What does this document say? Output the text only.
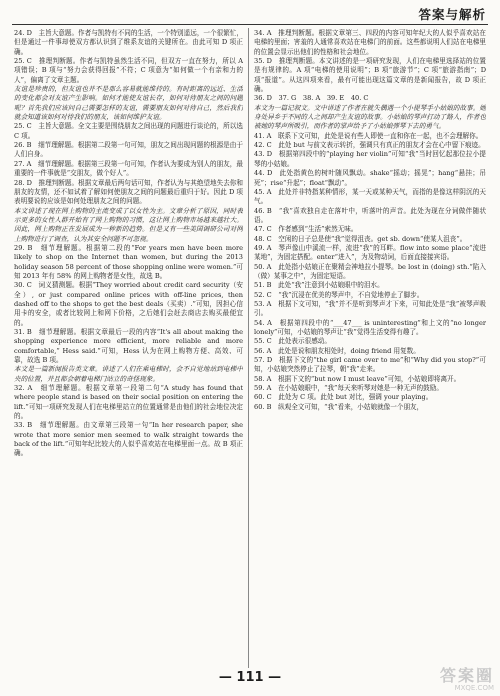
答案与解析

24. D　主旨大意题。作者与凯特有不同的生活，一个特别遥远，一个很繁忙，但是通过一件事却使双方都认识到了维系友谊的关键所在。由此可知 D 项正确。

25. C　推理判断题。作者与凯特虽然生活不同，但双方一直在努力，所以 A 项错误；B 项与“努力会获得回报”不符；C 项意为“如何做一个有亲和力的人”，偏离了文章主题。

友谊是珍贵的，但友谊也并不是那么容易就能维持的。有时距离的远近、生活的变化都会对友谊产生影响。如何才能使友谊长存，如何对待朋友之间的问题呢？首先我们应该问自己需要怎样的友谊，需要朋友如何对待自己，然后我们就会知道该如何对待我们的朋友，该如何维护友谊。

25. C　主旨大意题。全文主要是围绕朋友之间出现的问题进行谈论的，所以选 C 项。

26. B　细节理解题。根据第二段第一句可知，朋友之间出现问题的根源是由于人们自身。

27. A　细节理解题。根据第三段第一句可知，作者认为要成为别人的朋友，最重要的一件事就是“交朋友，做个好人”。

28. D　推理判断题。根据文章最后两句话可知，作者认为与其绝望地失去你和朋友的友情，还不如试着了解如何使朋友之间的问题最后重归于好。因此 D 项表明要说的应该是如何处理朋友之间的问题。

本文讲述了现在网上购物的主流变成了以女性为主。文章分析了原因，同时表示更多的女性人群开始有了网上购物的习惯，这让网上购物市场越来越壮大。因此，网上购物正在发展成为一种新的趋势。但是又有一些美国调研公司对网上购物进行了调查，认为其安全问题不可忽视。

29. B　细节理解题。根据第二段的“For years men have been more likely to shop on the Internet than women, but during the 2013 holiday season 58 percent of those shopping online were women.”可知 2013 年有 58% 的网上购物者是女性，故选 B。

30. C　词义猜测题。根据“They worried about credit card security（安全）, or just compared online prices with off-line prices, then dashed off to the shops to get the best deals（买卖）.”可知，因担心信用卡的安全，或者比较网上和网下价格，之后她们会赶去商店去购买最便宜的。

31. B　细节理解题。根据文章最后一段的内容“It's all about making the shopping experience more efficient, more reliable and more comfortable,” Hess said.”可知，Hess 认为在网上购物方便、高效、可靠，故选 B 项。

本文是一篇新闻报告类文章。讲述了人们在乘电梯时，会不自觉地站到电梯中央的位置，并且都会朝着电梯门站立的奇怪现象。

32. A　细节理解题。根据文章第一段第二句“A study has found that where people stand is based on their social position on entering the lift.”可知一项研究发现人们在电梯里站立的位置通常是由他们的社会地位决定的。

33. B　细节理解题。由文章第三段第一句“In her research paper, she wrote that more senior men seemed to walk straight towards the back of the lift.”可知年纪比较大的人似乎喜欢站在电梯里面一点。故 B 项正确。

34. A　推理判断题。根据文章第三、四段的内容可知年纪大的人似乎喜欢站在电梯的里面；害羞的人通常喜欢站在电梯门的前面。这些都说明人们站在电梯里的位置会显示出他们的性格和社会地位。

35. D　推理判断题。本文讲述的是一项研究发现，人们在电梯里选择站的位置是有规律的。A 项“电梯的使用说明”；B 项“旅游节”；C 项“旅游指南”；D 项“报道”。从这四项来看，最有可能出现这篇文章的是新闻报告，故 D 项正确。

36. D　37. G　38. A　39. E　40. C

本文为一篇记叙文。文中讲述了作者在就失偶遇一个小提琴手小姑娘的故事。她身处异乡于不同的人之间却产生友谊的故事。小姑娘的琴声打动了路人，作者也被她的琴声所吸引，而作者的掌声给予了小姑娘弹琴下去的勇气。

41. A　联系下文可知，此处是说有些人即使一直和你在一起，也不会理解你。

42. C　此处 but 与前文表示转折，强调只有真正的朋友才会在心中留下痕迹。

43. D　根据第四段中的“playing her violin”可知“我”当时回忆起那位拉小提琴的小姑娘。

44. D　此处指黄色的树叶随风飘动。shake“摇动；摇晃”；hang“悬挂；吊死”；rise“升起”；float“飘动”。

45. A　此处并非特指某种情形，某一天或某种天气，而指的是像这样阴沉的天气。

46. B　“我”喜欢独自走在落叶中，听落叶的声音。此处为现在分词做伴随状语。

47. C　作者感到“生活”索然无味。

48. C　空闲的日子总是使“我”觉得沮丧。get sb. down“使某人沮丧”。

49. A　琴声像山中溪流一样，流进“我”的耳畔。flow into some place“流进某地”，为固定搭配。enter“进入”，为及物动词，后面直接接宾语。

50. A　此处指小姑娘正在聚精会神地拉小提琴。be lost in (doing) sth.“陷入（做）某事之中”，为固定短语。

51. B　此处“我”注意到小姑娘眼中的泪水。

52. C　“我”沉浸在优美的琴声中，不自觉地停止了脚步。

53. A　根据下文可知，“我”并不是听到琴声才下来，可知此处是“我”被琴声吸引。

54. A　根据第四段中的“___47___ is uninteresting”和上文的“no longer lonely”可知，小姑娘的琴声让“我”觉得生活变得有趣了。

55. C　此处表示很感动。

56. A　此处是说和朋友相处时，doing friend 用复数。

57. D　根据下文的“the girl came over to me”和“Why did you stop?”可知，小姑娘突然停止了拉琴，朝“我”走来。

58. A　根据下文的“but now I must leave”可知，小姑娘即将离开。

59. A　在小姑娘眼中，“我”每天来听琴对她是一种无声的鼓励。

60. C　此处为 C 项。此处 but 对比，强调 your playing。

60. B　纵观全文可知，“我”看来，小姑娘就像一个朋友，

— 111 —	答案圈
MXQE.COM
